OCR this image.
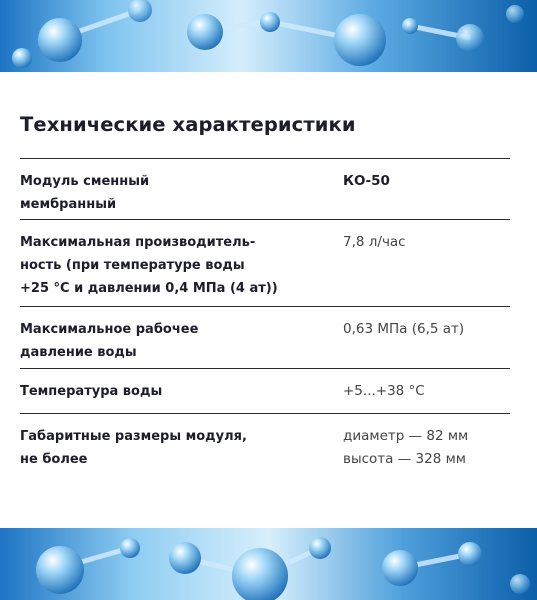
Технические характеристики
Модуль сменный
мембранный
КО-50
Максимальная производитель-
ность (при температуре воды
+25 °С и давлении 0,4 МПа (4 ат))
7,8 л/час
Максимальное рабочее
давление воды
0,63 МПа (6,5 ат)
Температура воды	+5...+38 °С
Габаритные размеры модуля,
не более
диаметр — 82 мм
высота — 328 мм
